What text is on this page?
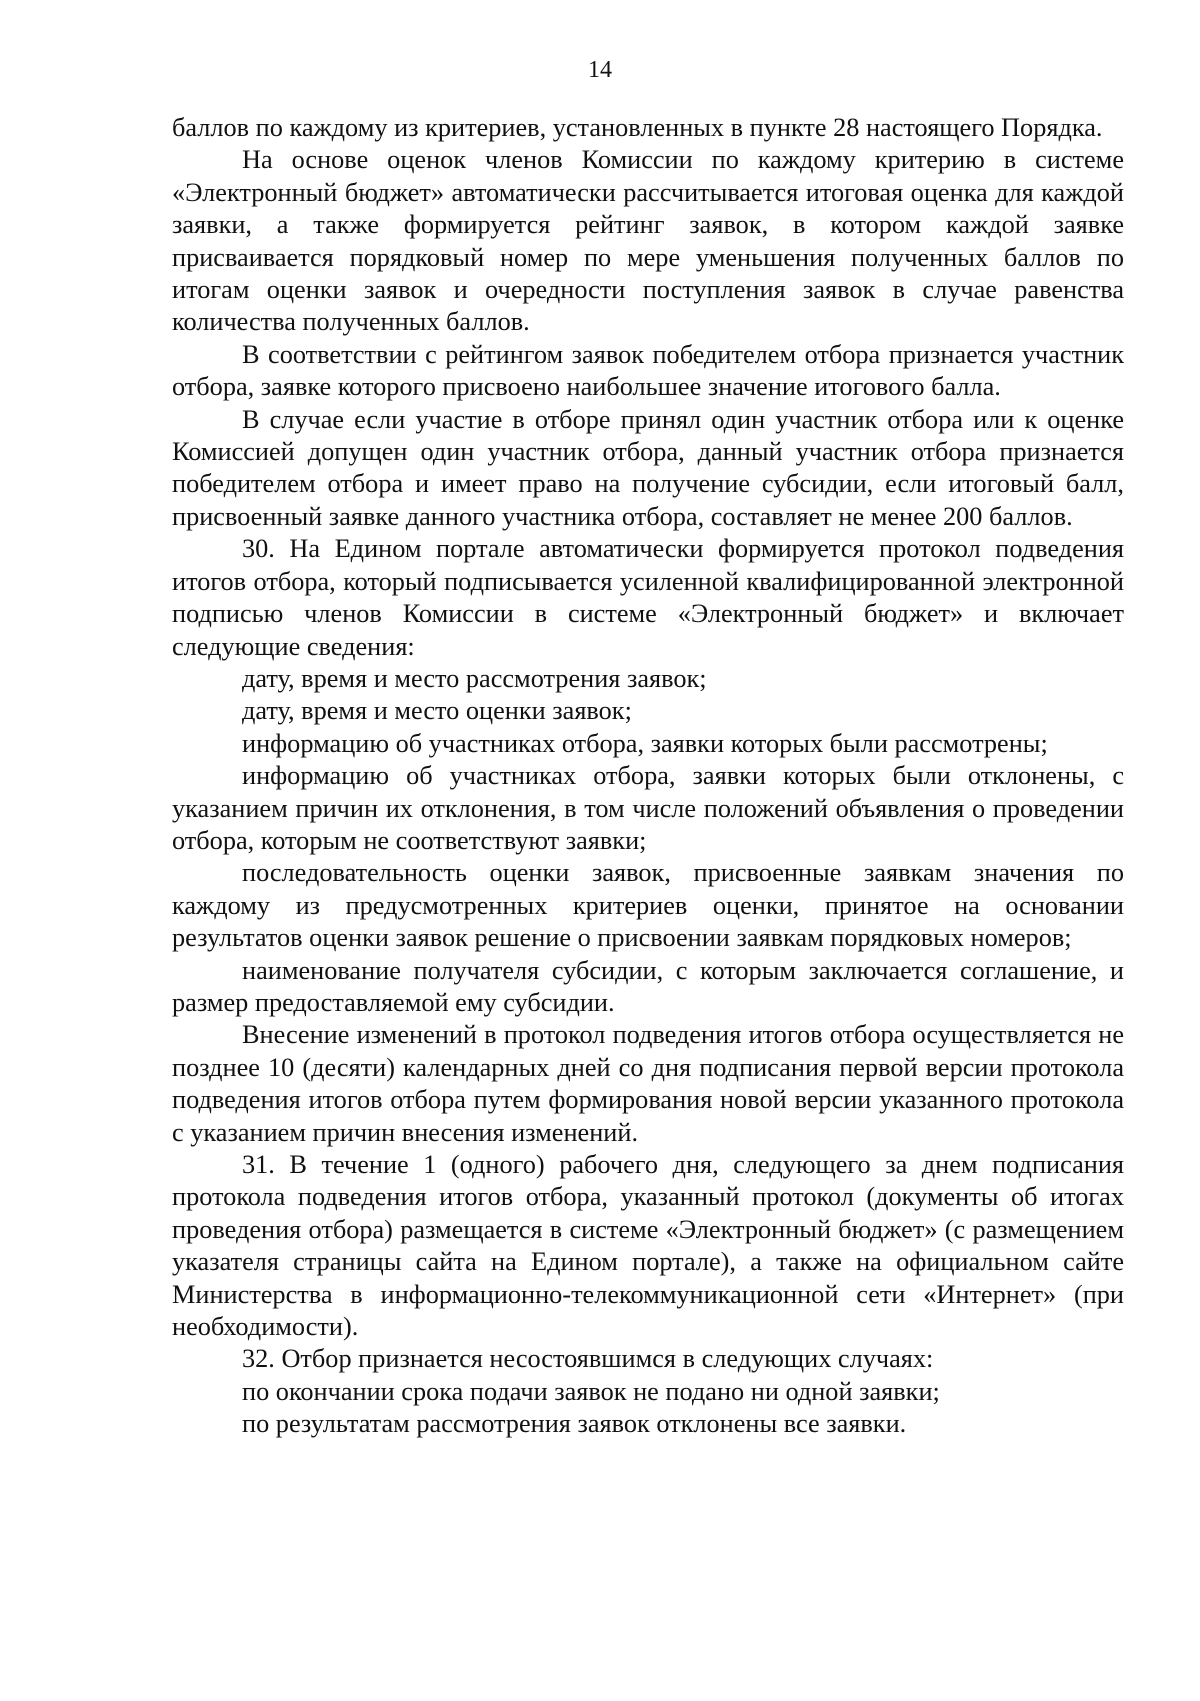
14

баллов по каждому из критериев, установленных в пункте 28 настоящего Порядка.

На основе оценок членов Комиссии по каждому критерию в системе «Электронный бюджет» автоматически рассчитывается итоговая оценка для каждой заявки, а также формируется рейтинг заявок, в котором каждой заявке присваивается порядковый номер по мере уменьшения полученных баллов по итогам оценки заявок и очередности поступления заявок в случае равенства количества полученных баллов.

В соответствии с рейтингом заявок победителем отбора признается участник отбора, заявке которого присвоено наибольшее значение итогового балла.

В случае если участие в отборе принял один участник отбора или к оценке Комиссией допущен один участник отбора, данный участник отбора признается победителем отбора и имеет право на получение субсидии, если итоговый балл, присвоенный заявке данного участника отбора, составляет не менее 200 баллов.

30. На Едином портале автоматически формируется протокол подведения итогов отбора, который подписывается усиленной квалифицированной электронной подписью членов Комиссии в системе «Электронный бюджет» и включает следующие сведения:

дату, время и место рассмотрения заявок;

дату, время и место оценки заявок;

информацию об участниках отбора, заявки которых были рассмотрены;

информацию об участниках отбора, заявки которых были отклонены, с указанием причин их отклонения, в том числе положений объявления о проведении отбора, которым не соответствуют заявки;

последовательность оценки заявок, присвоенные заявкам значения по каждому из предусмотренных критериев оценки, принятое на основании результатов оценки заявок решение о присвоении заявкам порядковых номеров;

наименование получателя субсидии, с которым заключается соглашение, и размер предоставляемой ему субсидии.

Внесение изменений в протокол подведения итогов отбора осуществляется не позднее 10 (десяти) календарных дней со дня подписания первой версии протокола подведения итогов отбора путем формирования новой версии указанного протокола с указанием причин внесения изменений.

31. В течение 1 (одного) рабочего дня, следующего за днем подписания протокола подведения итогов отбора, указанный протокол (документы об итогах проведения отбора) размещается в системе «Электронный бюджет» (с размещением указателя страницы сайта на Едином портале), а также на официальном сайте Министерства в информационно-телекоммуникационной сети «Интернет» (при необходимости).

32. Отбор признается несостоявшимся в следующих случаях:

по окончании срока подачи заявок не подано ни одной заявки;

по результатам рассмотрения заявок отклонены все заявки.
